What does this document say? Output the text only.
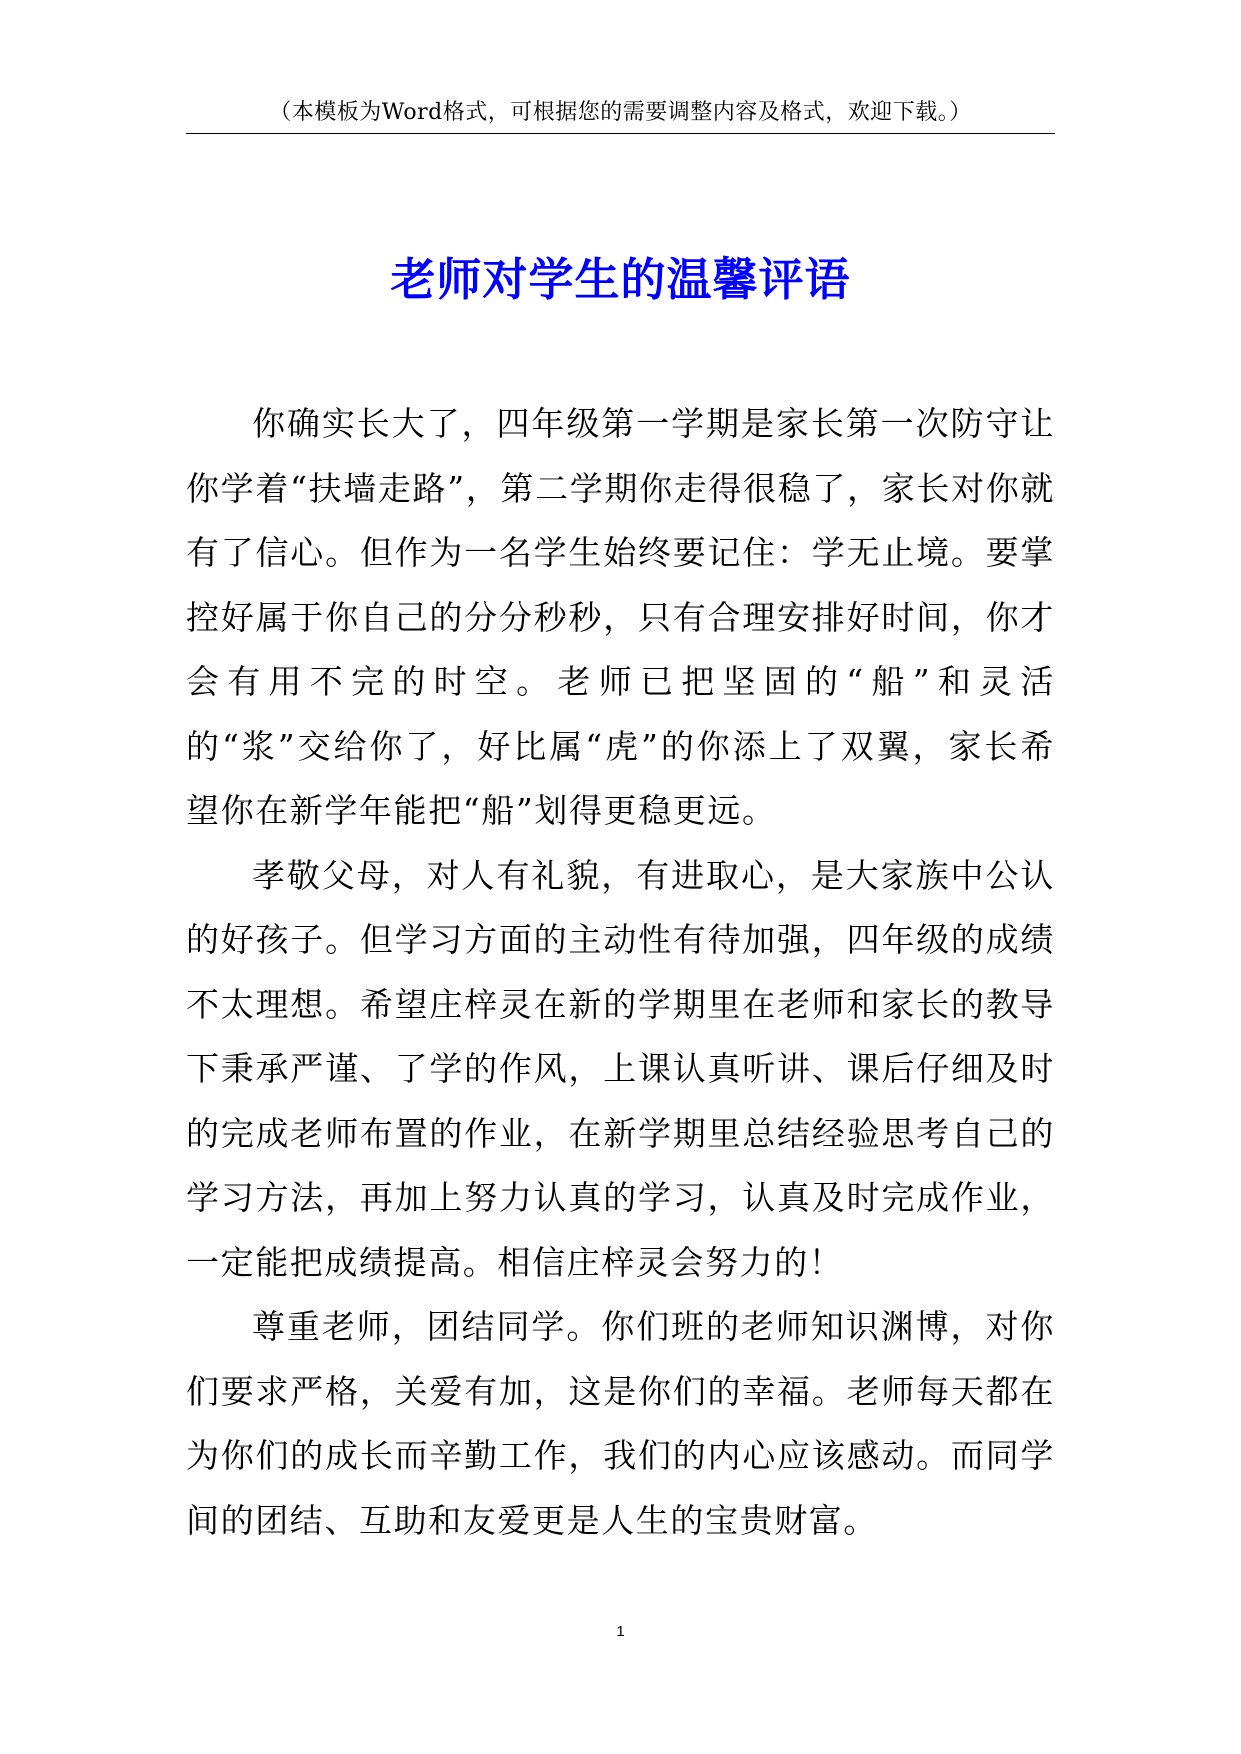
（本模板为Word格式，可根据您的需要调整内容及格式，欢迎下载。）
老师对学生的温馨评语

你确实长大了，四年级第一学期是家长第一次防守让你学着“扶墙走路”，第二学期你走得很稳了，家长对你就有了信心。但作为一名学生始终要记住：学无止境。要掌控好属于你自己的分分秒秒，只有合理安排好时间，你才会有用不完的时空。老师已把坚固的“船”和灵活的“浆”交给你了，好比属“虎”的你添上了双翼，家长希望你在新学年能把“船”划得更稳更远。

孝敬父母，对人有礼貌，有进取心，是大家族中公认的好孩子。但学习方面的主动性有待加强，四年级的成绩不太理想。希望庄梓灵在新的学期里在老师和家长的教导下秉承严谨、了学的作风，上课认真听讲、课后仔细及时的完成老师布置的作业，在新学期里总结经验思考自己的学习方法，再加上努力认真的学习，认真及时完成作业，一定能把成绩提高。相信庄梓灵会努力的！

尊重老师，团结同学。你们班的老师知识渊博，对你们要求严格，关爱有加，这是你们的幸福。老师每天都在为你们的成长而辛勤工作，我们的内心应该感动。而同学间的团结、互助和友爱更是人生的宝贵财富。

1
